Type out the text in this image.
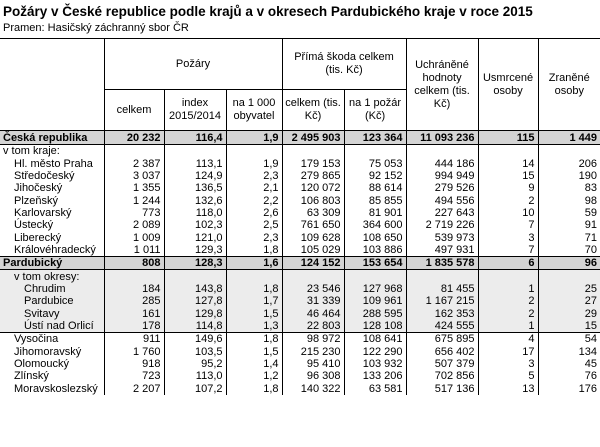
Požáry v České republice podle krajů a v okresech Pardubického kraje v roce 2015
Pramen: Hasičský záchranný sbor ČR
	Požáry			Přímá škoda celkem (tis. Kč)		Uchráněné hodnoty celkem (tis. Kč)	Usmrcené osoby	Zraněné osoby
	celkem	index 2015/2014	na 1 000 obyvatel	celkem (tis. Kč)	na 1 požár (Kč)			
Česká republika	20 232	116,4	1,9	2 495 903	123 364	11 093 236	115	1 449
v tom kraje:								
Hl. město Praha	2 387	113,1	1,9	179 153	75 053	444 186	14	206
Středočeský	3 037	124,9	2,3	279 865	92 152	994 949	15	190
Jihočeský	1 355	136,5	2,1	120 072	88 614	279 526	9	83
Plzeňský	1 244	132,6	2,2	106 803	85 855	494 556	2	98
Karlovarský	773	118,0	2,6	63 309	81 901	227 643	10	59
Ústecký	2 089	102,3	2,5	761 650	364 600	2 719 226	7	91
Liberecký	1 009	121,0	2,3	109 628	108 650	539 973	3	71
Královéhradecký	1 011	129,3	1,8	105 029	103 886	497 931	7	70
Pardubický	808	128,3	1,6	124 152	153 654	1 835 578	6	96
v tom okresy:								
Chrudim	184	143,8	1,8	23 546	127 968	81 455	1	25
Pardubice	285	127,8	1,7	31 339	109 961	1 167 215	2	27
Svitavy	161	129,8	1,5	46 464	288 595	162 353	2	29
Ústí nad Orlicí	178	114,8	1,3	22 803	128 108	424 555	1	15
Vysočina	911	149,6	1,8	98 972	108 641	675 895	4	54
Jihomoravský	1 760	103,5	1,5	215 230	122 290	656 402	17	134
Olomoucký	918	95,2	1,4	95 410	103 932	507 379	3	45
Zlínský	723	113,0	1,2	96 308	133 206	702 856	5	76
Moravskoslezský	2 207	107,2	1,8	140 322	63 581	517 136	13	176
